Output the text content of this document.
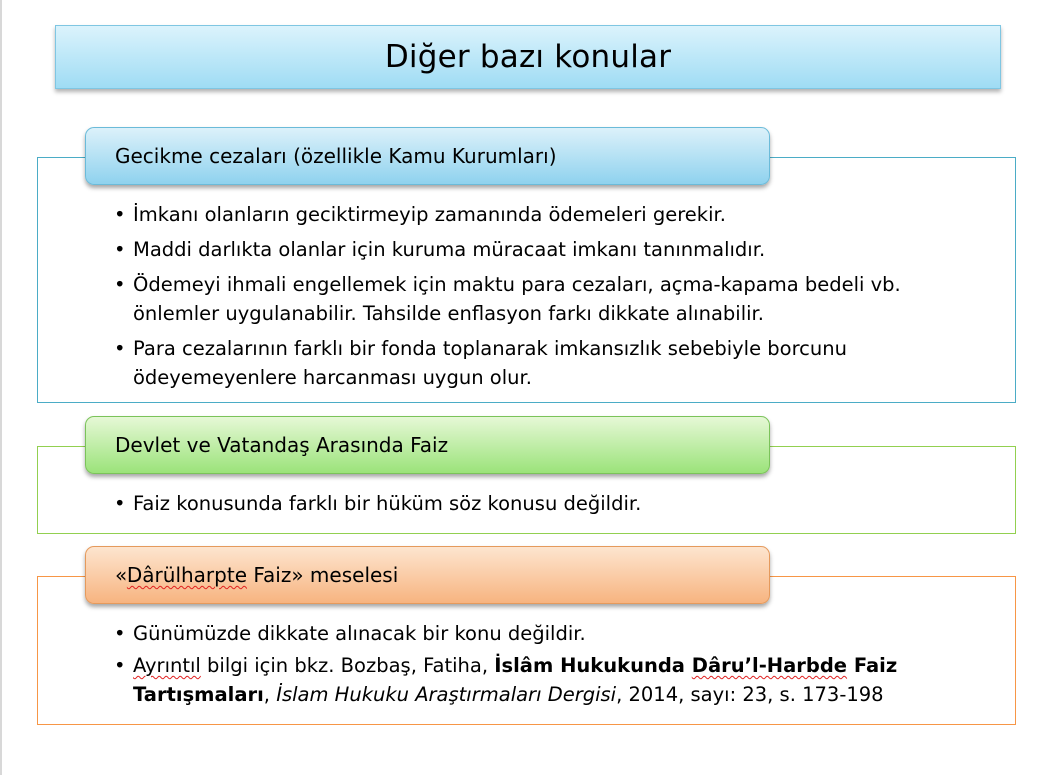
Diğer bazı konular
Gecikme cezaları (özellikle Kamu Kurumları)
• İmkanı olanların geciktirmeyip zamanında ödemeleri gerekir.
• Maddi darlıkta olanlar için kuruma müracaat imkanı tanınmalıdır.
• Ödemeyi ihmali engellemek için maktu para cezaları, açma-kapama bedeli vb. önlemler uygulanabilir. Tahsilde enflasyon farkı dikkate alınabilir.
• Para cezalarının farklı bir fonda toplanarak imkansızlık sebebiyle borcunu ödeyemeyenlere harcanması uygun olur.
Devlet ve Vatandaş Arasında Faiz
• Faiz konusunda farklı bir hüküm söz konusu değildir.
«Dârülharpte Faiz» meselesi
• Günümüzde dikkate alınacak bir konu değildir.
• Ayrıntıl bilgi için bkz. Bozbaş, Fatiha, İslâm Hukukunda Dâru’l-Harbde Faiz Tartışmaları, İslam Hukuku Araştırmaları Dergisi, 2014, sayı: 23, s. 173-198
